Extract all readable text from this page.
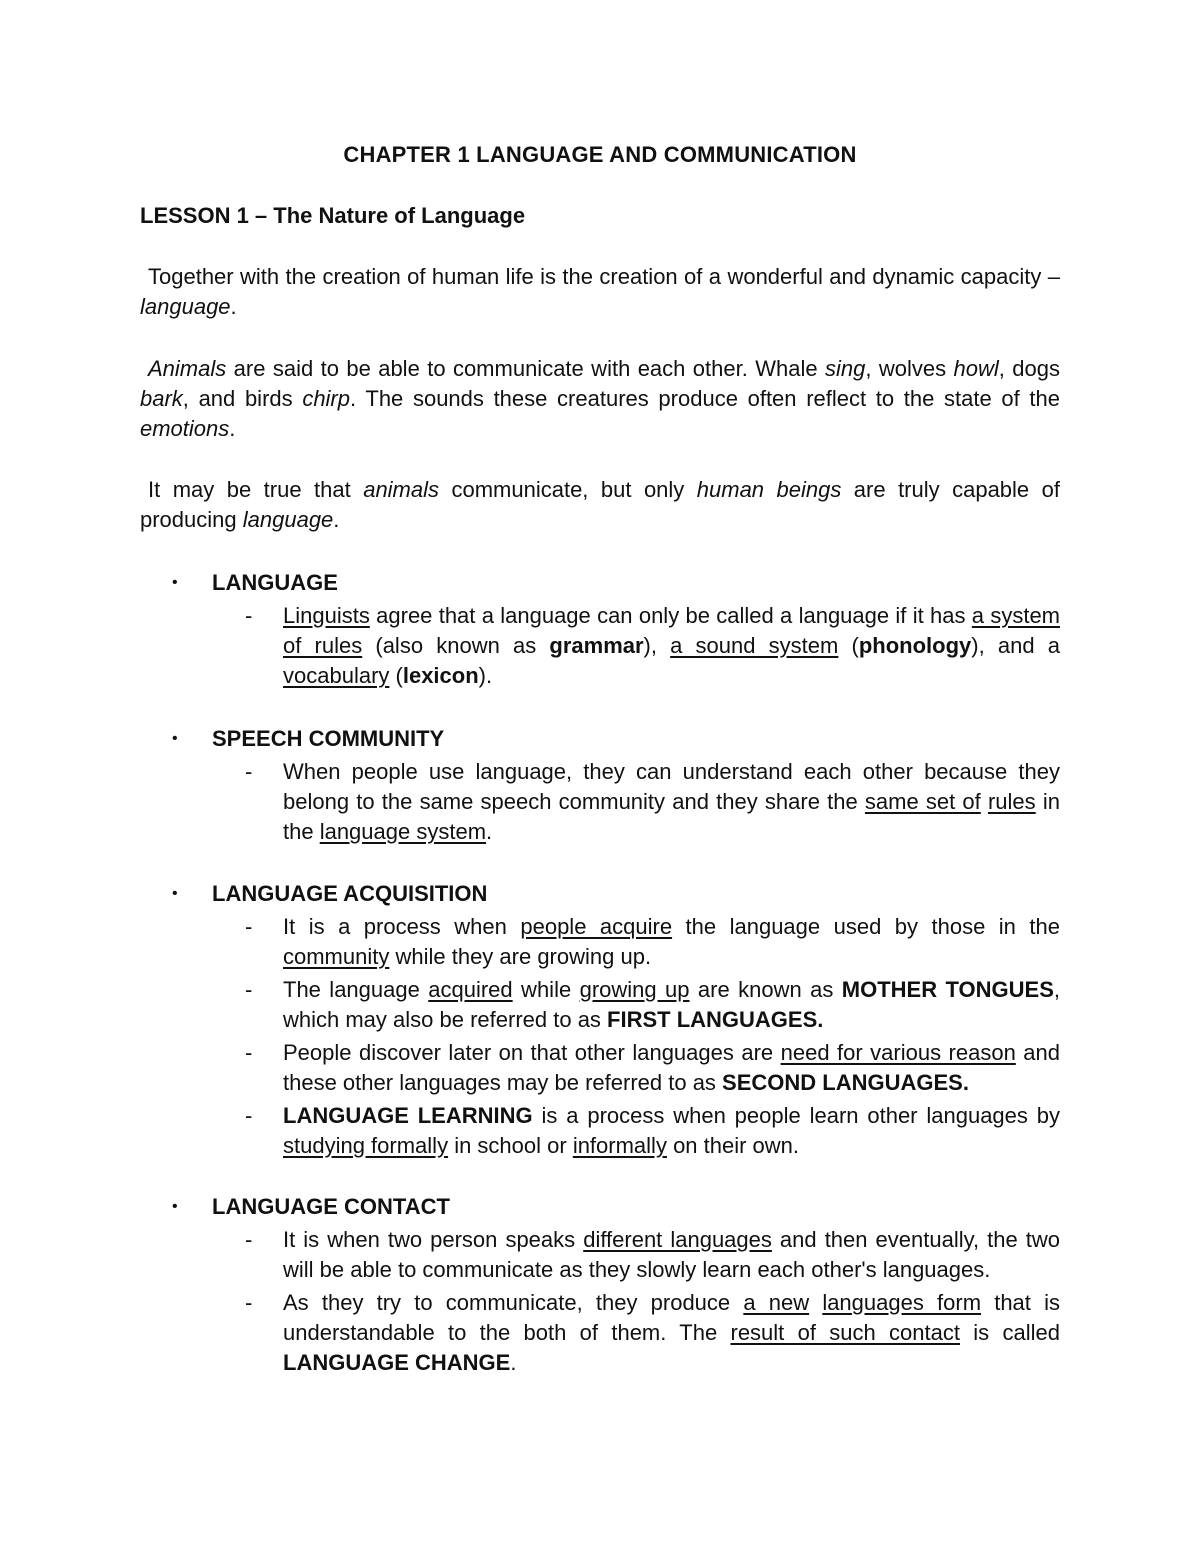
CHAPTER 1 LANGUAGE AND COMMUNICATION
LESSON 1 – The Nature of Language
Together with the creation of human life is the creation of a wonderful and dynamic capacity – language.
Animals are said to be able to communicate with each other. Whale sing, wolves howl, dogs bark, and birds chirp. The sounds these creatures produce often reflect to the state of the emotions.
It may be true that animals communicate, but only human beings are truly capable of producing language.
• LANGUAGE
- Linguists agree that a language can only be called a language if it has a system of rules (also known as grammar), a sound system (phonology), and a vocabulary (lexicon).
• SPEECH COMMUNITY
- When people use language, they can understand each other because they belong to the same speech community and they share the same set of rules in the language system.
• LANGUAGE ACQUISITION
- It is a process when people acquire the language used by those in the community while they are growing up.
- The language acquired while growing up are known as MOTHER TONGUES, which may also be referred to as FIRST LANGUAGES.
- People discover later on that other languages are need for various reason and these other languages may be referred to as SECOND LANGUAGES.
- LANGUAGE LEARNING is a process when people learn other languages by studying formally in school or informally on their own.
• LANGUAGE CONTACT
- It is when two person speaks different languages and then eventually, the two will be able to communicate as they slowly learn each other's languages.
- As they try to communicate, they produce a new languages form that is understandable to the both of them. The result of such contact is called LANGUAGE CHANGE.
